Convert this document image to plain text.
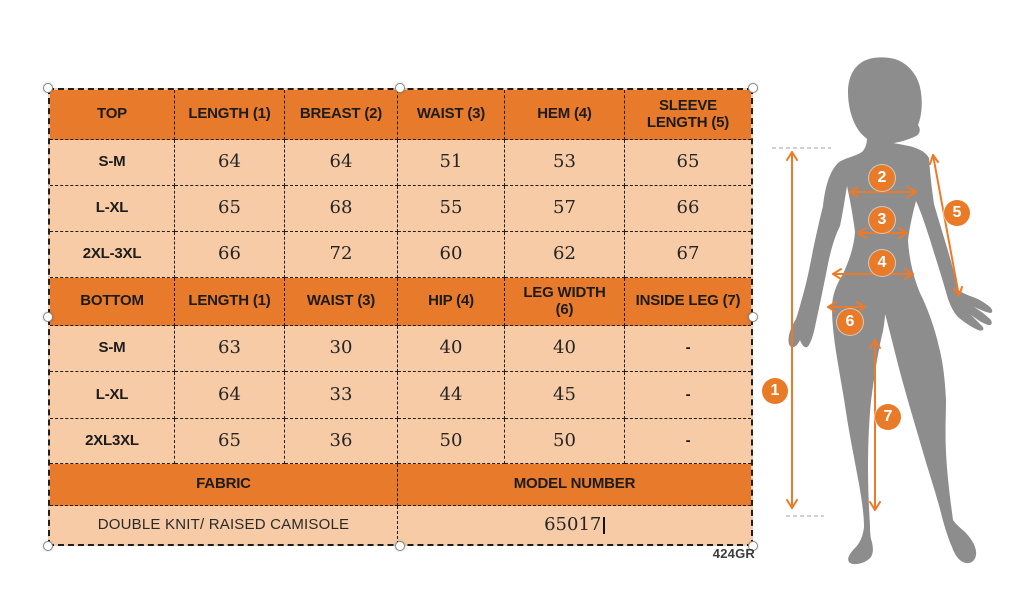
TOP	LENGTH (1)	BREAST (2)	WAIST (3)	HEM (4)	SLEEVE LENGTH (5)
S-M	64	64	51	53	65
L-XL	65	68	55	57	66
2XL-3XL	66	72	60	62	67
BOTTOM	LENGTH (1)	WAIST (3)	HIP (4)	LEG WIDTH (6)	INSIDE LEG (7)
S-M	63	30	40	40	-
L-XL	64	33	44	45	-
2XL3XL	65	36	50	50	-
FABRIC	MODEL NUMBER
DOUBLE KNIT/ RAISED CAMISOLE	65017
424GR
1
2
3
4
5
6
7
